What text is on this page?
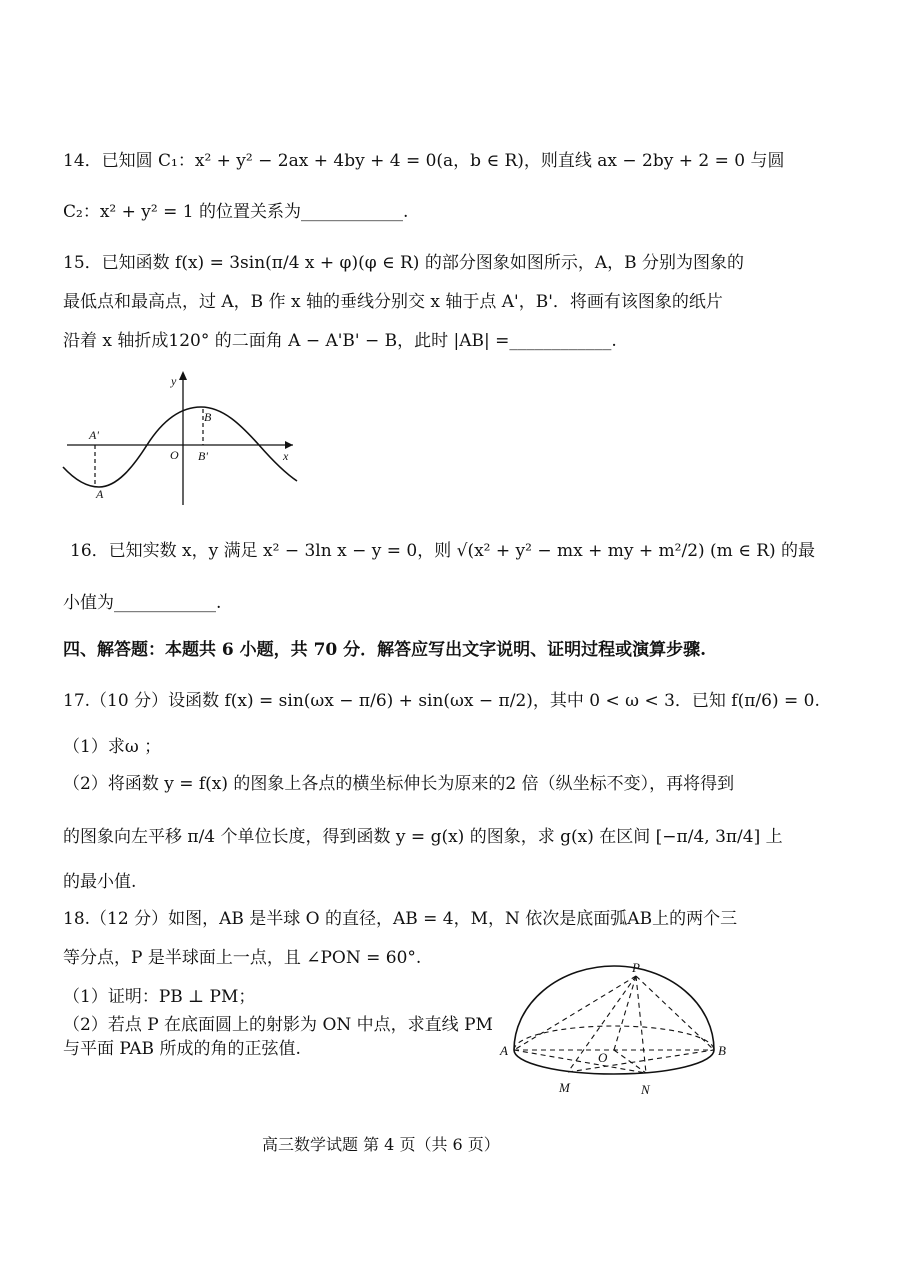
14．已知圆 C₁：x² + y² − 2ax + 4by + 4 = 0(a，b ∈ R)，则直线 ax − 2by + 2 = 0 与圆
C₂：x² + y² = 1 的位置关系为____________.
15．已知函数 f(x) = 3sin(π/4 x + φ)(φ ∈ R) 的部分图象如图所示，A，B 分别为图象的
最低点和最高点，过 A，B 作 x 轴的垂线分别交 x 轴于点 A'，B'．将画有该图象的纸片
沿着 x 轴折成120° 的二面角 A − A'B' − B，此时 |AB| =____________.
y
x
O
A
A'
B
B'
16．已知实数 x，y 满足 x² − 3ln x − y = 0，则 √(x² + y² − mx + my + m²/2) (m ∈ R) 的最
小值为____________.
四、解答题：本题共 6 小题，共 70 分．解答应写出文字说明、证明过程或演算步骤.
17.（10 分）设函数 f(x) = sin(ωx − π/6) + sin(ωx − π/2)，其中 0 < ω < 3．已知 f(π/6) = 0.
（1）求ω ；
（2）将函数 y = f(x) 的图象上各点的横坐标伸长为原来的2 倍（纵坐标不变），再将得到
的图象向左平移 π/4 个单位长度，得到函数 y = g(x) 的图象，求 g(x) 在区间 [−π/4, 3π/4] 上
的最小值.
18.（12 分）如图，AB 是半球 O 的直径，AB = 4，M，N 依次是底面弧AB上的两个三
等分点，P 是半球面上一点，且 ∠PON = 60°.
（1）证明：PB ⊥ PM；
（2）若点 P 在底面圆上的射影为 ON 中点，求直线 PM
与平面 PAB 所成的角的正弦值.
P
A	B
O
M	N
高三数学试题 第 4 页（共 6 页）
